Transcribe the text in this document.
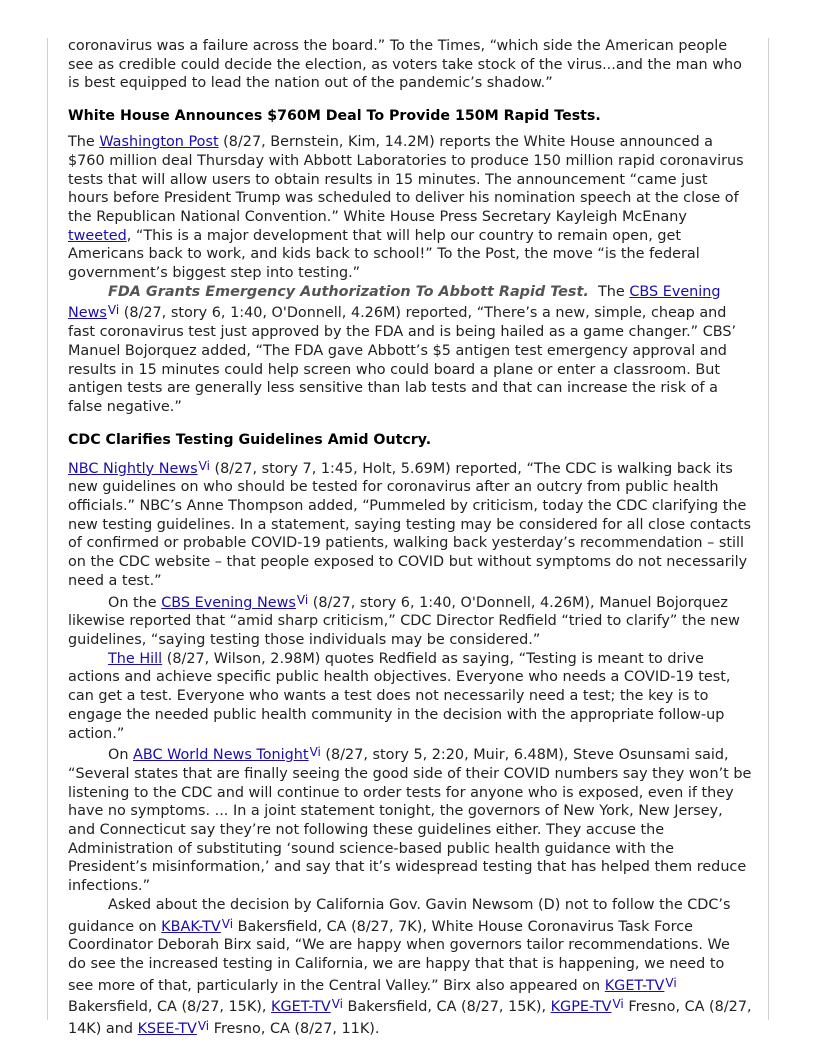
coronavirus was a failure across the board.” To the Times, “which side the American people see as credible could decide the election, as voters take stock of the virus...and the man who is best equipped to lead the nation out of the pandemic’s shadow.”

White House Announces $760M Deal To Provide 150M Rapid Tests.

The Washington Post (8/27, Bernstein, Kim, 14.2M) reports the White House announced a $760 million deal Thursday with Abbott Laboratories to produce 150 million rapid coronavirus tests that will allow users to obtain results in 15 minutes. The announcement “came just hours before President Trump was scheduled to deliver his nomination speech at the close of the Republican National Convention.” White House Press Secretary Kayleigh McEnany tweeted, “This is a major development that will help our country to remain open, get Americans back to work, and kids back to school!” To the Post, the move “is the federal government’s biggest step into testing.”

FDA Grants Emergency Authorization To Abbott Rapid Test.  The CBS Evening News$^{Vi}$ (8/27, story 6, 1:40, O'Donnell, 4.26M) reported, “There’s a new, simple, cheap and fast coronavirus test just approved by the FDA and is being hailed as a game changer.” CBS’ Manuel Bojorquez added, “The FDA gave Abbott’s $5 antigen test emergency approval and results in 15 minutes could help screen who could board a plane or enter a classroom. But antigen tests are generally less sensitive than lab tests and that can increase the risk of a false negative.”

CDC Clarifies Testing Guidelines Amid Outcry.

NBC Nightly News$^{Vi}$ (8/27, story 7, 1:45, Holt, 5.69M) reported, “The CDC is walking back its new guidelines on who should be tested for coronavirus after an outcry from public health officials.” NBC’s Anne Thompson added, “Pummeled by criticism, today the CDC clarifying the new testing guidelines. In a statement, saying testing may be considered for all close contacts of confirmed or probable COVID-19 patients, walking back yesterday’s recommendation – still on the CDC website – that people exposed to COVID but without symptoms do not necessarily need a test.”

On the CBS Evening News$^{Vi}$ (8/27, story 6, 1:40, O'Donnell, 4.26M), Manuel Bojorquez likewise reported that “amid sharp criticism,” CDC Director Redfield “tried to clarify” the new guidelines, “saying testing those individuals may be considered.”

The Hill (8/27, Wilson, 2.98M) quotes Redfield as saying, “Testing is meant to drive actions and achieve specific public health objectives. Everyone who needs a COVID-19 test, can get a test. Everyone who wants a test does not necessarily need a test; the key is to engage the needed public health community in the decision with the appropriate follow-up action.”

On ABC World News Tonight$^{Vi}$ (8/27, story 5, 2:20, Muir, 6.48M), Steve Osunsami said, “Several states that are finally seeing the good side of their COVID numbers say they won’t be listening to the CDC and will continue to order tests for anyone who is exposed, even if they have no symptoms. ... In a joint statement tonight, the governors of New York, New Jersey, and Connecticut say they’re not following these guidelines either. They accuse the Administration of substituting ‘sound science-based public health guidance with the President’s misinformation,’ and say that it’s widespread testing that has helped them reduce infections.”

Asked about the decision by California Gov. Gavin Newsom (D) not to follow the CDC’s guidance on KBAK-TV$^{Vi}$ Bakersfield, CA (8/27, 7K), White House Coronavirus Task Force Coordinator Deborah Birx said, “We are happy when governors tailor recommendations. We do see the increased testing in California, we are happy that that is happening, we need to see more of that, particularly in the Central Valley.” Birx also appeared on KGET-TV$^{Vi}$ Bakersfield, CA (8/27, 15K), KGET-TV$^{Vi}$ Bakersfield, CA (8/27, 15K), KGPE-TV$^{Vi}$ Fresno, CA (8/27, 14K) and KSEE-TV$^{Vi}$ Fresno, CA (8/27, 11K).
